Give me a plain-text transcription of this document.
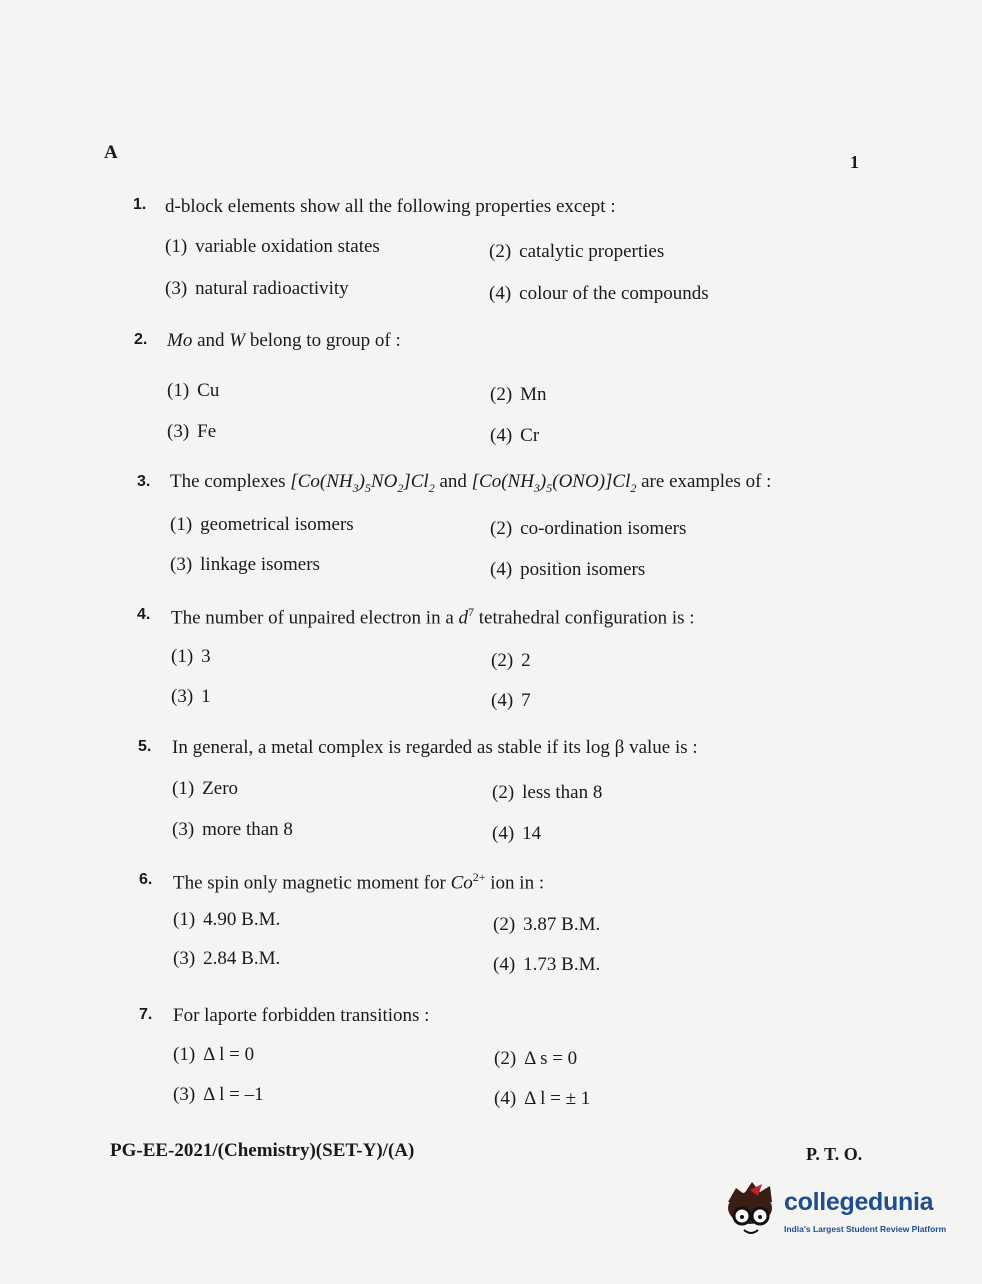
A	1
1. d-block elements show all the following properties except :
(1) variable oxidation states	(2) catalytic properties
(3) natural radioactivity	(4) colour of the compounds
2. Mo and W belong to group of :
(1) Cu	(2) Mn
(3) Fe	(4) Cr
3. The complexes $[Co(NH_3)_5NO_2]Cl_2$ and $[Co(NH_3)_5(ONO)]Cl_2$ are examples of :
(1) geometrical isomers	(2) co-ordination isomers
(3) linkage isomers	(4) position isomers
4. The number of unpaired electron in a $d^7$ tetrahedral configuration is :
(1) 3	(2) 2
(3) 1	(4) 7
5. In general, a metal complex is regarded as stable if its log β value is :
(1) Zero	(2) less than 8
(3) more than 8	(4) 14
6. The spin only magnetic moment for $Co^{2+}$ ion in :
(1) 4.90 B.M.	(2) 3.87 B.M.
(3) 2.84 B.M.	(4) 1.73 B.M.
7. For laporte forbidden transitions :
(1) Δ l = 0	(2) Δ s = 0
(3) Δ l = –1	(4) Δ l = ± 1
PG-EE-2021/(Chemistry)(SET-Y)/(A)	P. T. O.
collegedunia
India's Largest Student Review Platform
